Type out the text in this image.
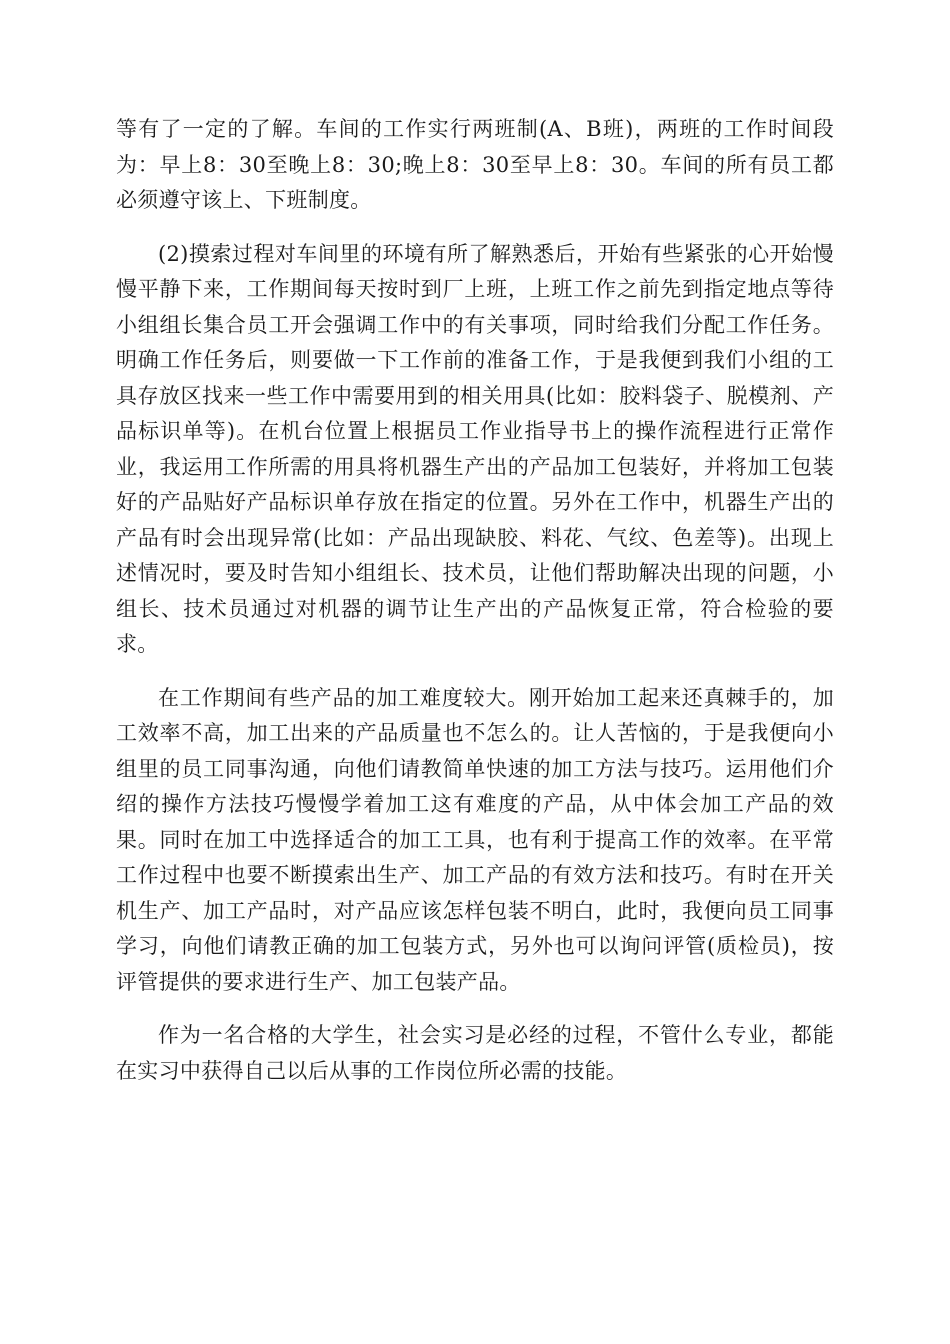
等有了一定的了解。车间的工作实行两班制(A、B班)，两班的工作时间段为：早上8：30至晚上8：30;晚上8：30至早上8：30。车间的所有员工都必须遵守该上、下班制度。

(2)摸索过程对车间里的环境有所了解熟悉后，开始有些紧张的心开始慢慢平静下来，工作期间每天按时到厂上班，上班工作之前先到指定地点等待小组组长集合员工开会强调工作中的有关事项，同时给我们分配工作任务。明确工作任务后，则要做一下工作前的准备工作，于是我便到我们小组的工具存放区找来一些工作中需要用到的相关用具(比如：胶料袋子、脱模剂、产品标识单等)。在机台位置上根据员工作业指导书上的操作流程进行正常作业，我运用工作所需的用具将机器生产出的产品加工包装好，并将加工包装好的产品贴好产品标识单存放在指定的位置。另外在工作中，机器生产出的产品有时会出现异常(比如：产品出现缺胶、料花、气纹、色差等)。出现上述情况时，要及时告知小组组长、技术员，让他们帮助解决出现的问题，小组长、技术员通过对机器的调节让生产出的产品恢复正常，符合检验的要求。

在工作期间有些产品的加工难度较大。刚开始加工起来还真棘手的，加工效率不高，加工出来的产品质量也不怎么的。让人苦恼的，于是我便向小组里的员工同事沟通，向他们请教简单快速的加工方法与技巧。运用他们介绍的操作方法技巧慢慢学着加工这有难度的产品，从中体会加工产品的效果。同时在加工中选择适合的加工工具，也有利于提高工作的效率。在平常工作过程中也要不断摸索出生产、加工产品的有效方法和技巧。有时在开关机生产、加工产品时，对产品应该怎样包装不明白，此时，我便向员工同事学习，向他们请教正确的加工包装方式，另外也可以询问评管(质检员)，按评管提供的要求进行生产、加工包装产品。

作为一名合格的大学生，社会实习是必经的过程，不管什么专业，都能在实习中获得自己以后从事的工作岗位所必需的技能。
